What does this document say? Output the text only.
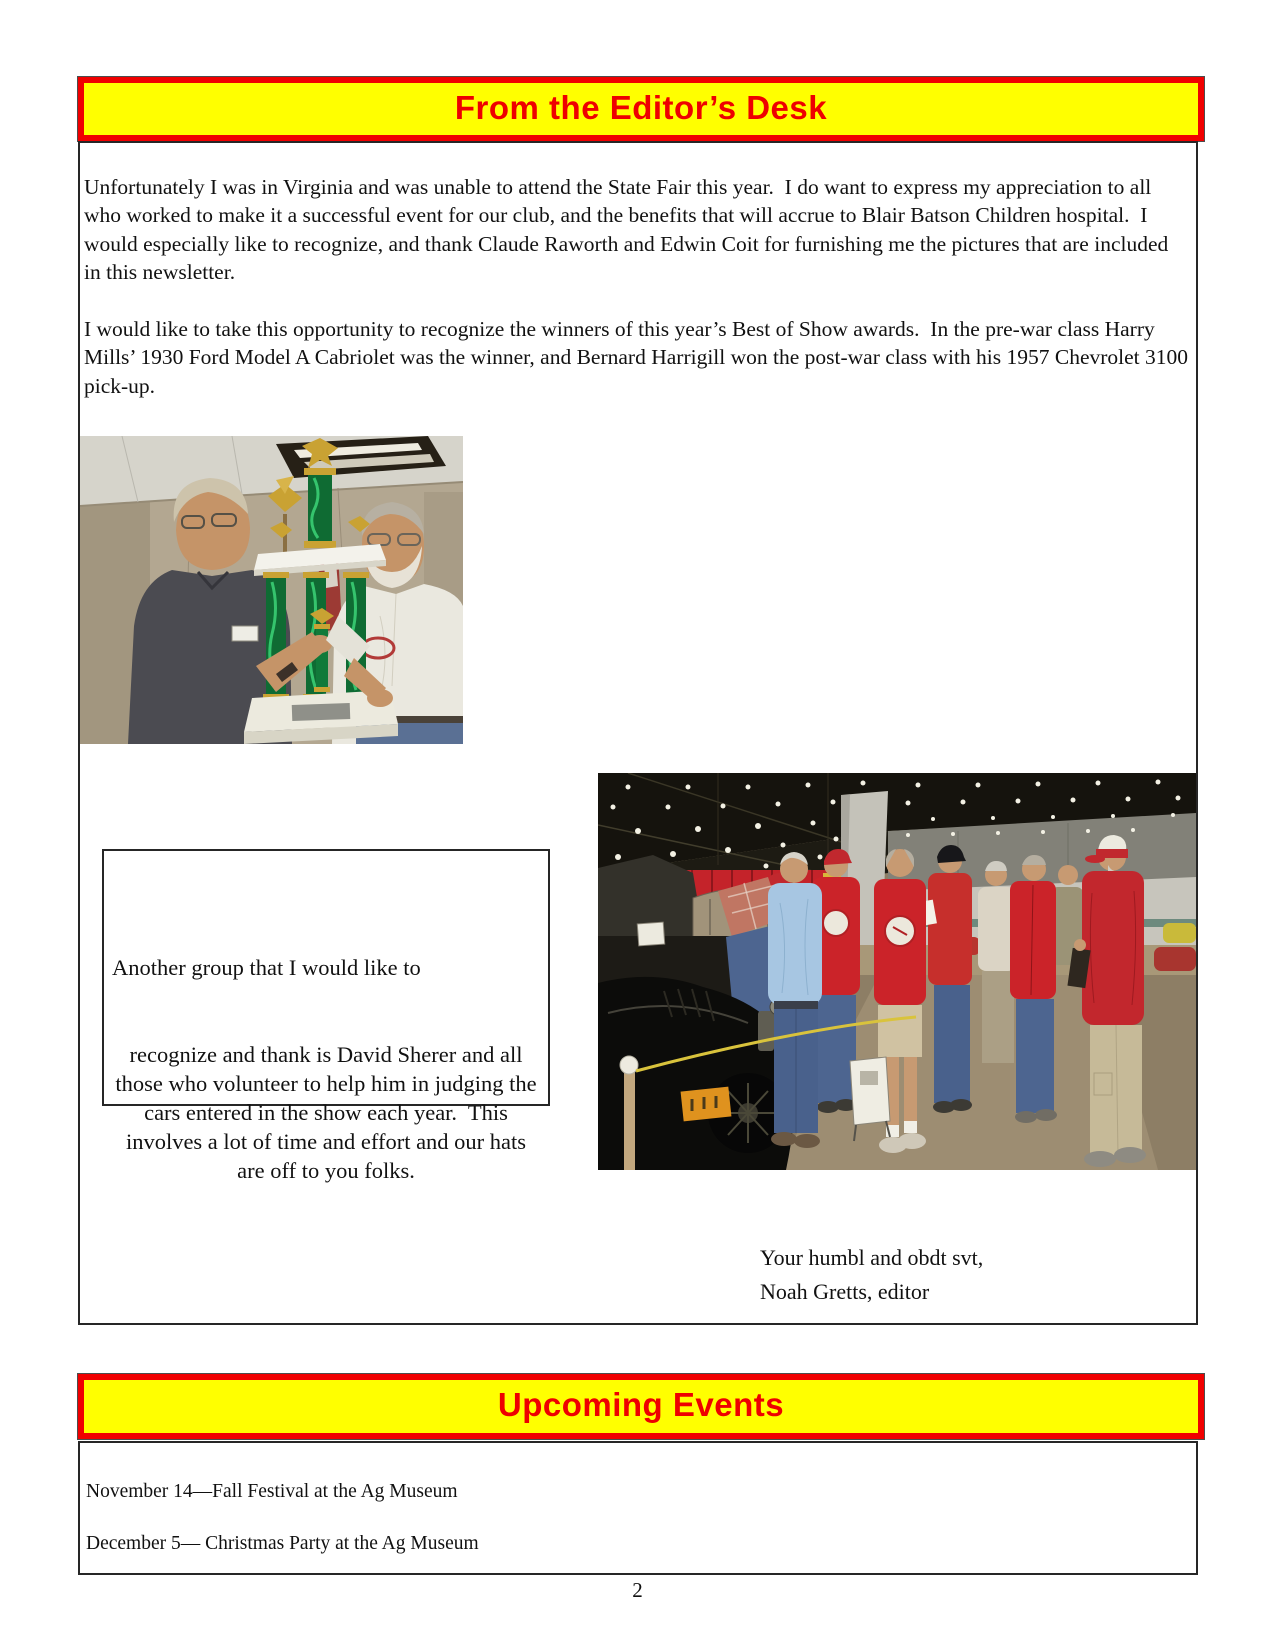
From the Editor’s Desk

Unfortunately I was in Virginia and was unable to attend the State Fair this year.  I do want to express my appreciation to all who worked to make it a successful event for our club, and the benefits that will accrue to Blair Batson Children hospital.  I would especially like to recognize, and thank Claude Raworth and Edwin Coit for furnishing me the pictures that are included in this newsletter.

I would like to take this opportunity to recognize the winners of this year’s Best of Show awards.  In the pre-war class Harry Mills’ 1930 Ford Model A Cabriolet was the winner, and Bernard Harrigill won the post-war class with his 1957 Chevrolet 3100 pick-up.

Another group that I would like to

recognize and thank is David Sherer and all those who volunteer to help him in judging the cars entered in the show each year.  This involves a lot of time and effort and our hats are off to you folks.

Your humbl and obdt svt,
Noah Gretts, editor
Upcoming Events
November 14—Fall Festival at the Ag Museum
December 5— Christmas Party at the Ag Museum
2
